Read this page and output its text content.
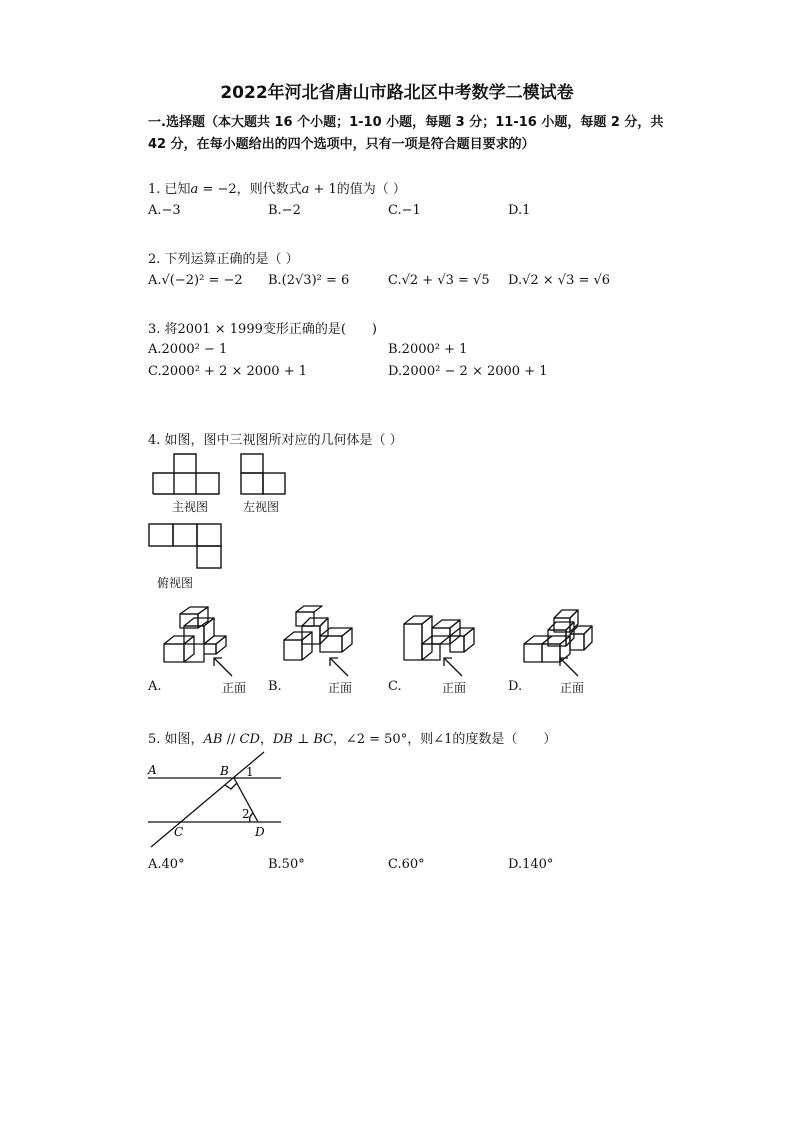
2022年河北省唐山市路北区中考数学二模试卷
一.选择题（本大题共 16 个小题；1-10 小题，每题 3 分；11-16 小题，每题 2 分，共
42 分，在每小题给出的四个选项中，只有一项是符合题目要求的）
1. 已知𝑎 = −2，则代数式𝑎 + 1的值为（ ）
A.−3	B.−2	C.−1	D.1
2. 下列运算正确的是（ ）
A.√(−2)² = −2 B.(2√3)² = 6	C.√2 + √3 = √5 D.√2 × √3 = √6
3. 将2001 × 1999变形正确的是(　　)
A.2000² − 1	B.2000² + 1
C.2000² + 2 × 2000 + 1	D.2000² − 2 × 2000 + 1
4. 如图，图中三视图所对应的几何体是（ ）
主视图	左视图
俯视图
A.	正面 B.	正面	C.	正面	D.	正面
5. 如图，𝐴𝐵 // 𝐶𝐷，𝐷𝐵 ⊥ 𝐵𝐶，∠2 = 50°，则∠1的度数是（　　）
A	B 1
2
C	D
A.40°	B.50°	C.60°	D.140°
